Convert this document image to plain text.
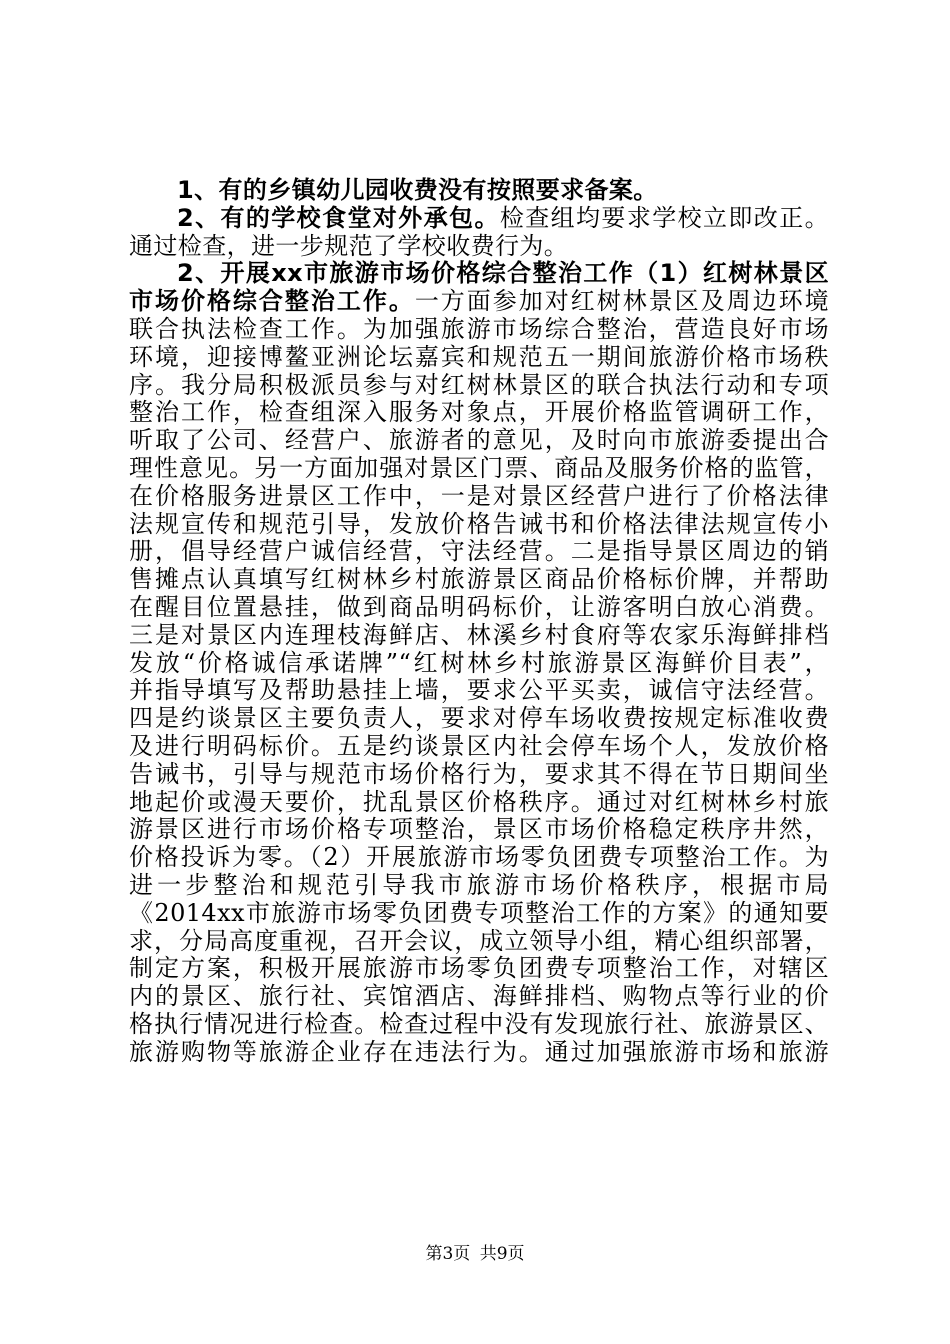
1、有的乡镇幼儿园收费没有按照要求备案。
2、有的学校食堂对外承包。检查组均要求学校立即改正。
通过检查，进一步规范了学校收费行为。
2、开展xx市旅游市场价格综合整治工作（1）红树林景区
市场价格综合整治工作。一方面参加对红树林景区及周边环境
联合执法检查工作。为加强旅游市场综合整治，营造良好市场
环境，迎接博鳌亚洲论坛嘉宾和规范五一期间旅游价格市场秩
序。我分局积极派员参与对红树林景区的联合执法行动和专项
整治工作，检查组深入服务对象点，开展价格监管调研工作，
听取了公司、经营户、旅游者的意见，及时向市旅游委提出合
理性意见。另一方面加强对景区门票、商品及服务价格的监管，
在价格服务进景区工作中，一是对景区经营户进行了价格法律
法规宣传和规范引导，发放价格告诫书和价格法律法规宣传小
册，倡导经营户诚信经营，守法经营。二是指导景区周边的销
售摊点认真填写红树林乡村旅游景区商品价格标价牌，并帮助
在醒目位置悬挂，做到商品明码标价，让游客明白放心消费。
三是对景区内连理枝海鲜店、林溪乡村食府等农家乐海鲜排档
发放“价格诚信承诺牌”“红树林乡村旅游景区海鲜价目表”，
并指导填写及帮助悬挂上墙，要求公平买卖，诚信守法经营。
四是约谈景区主要负责人，要求对停车场收费按规定标准收费
及进行明码标价。五是约谈景区内社会停车场个人，发放价格
告诫书，引导与规范市场价格行为，要求其不得在节日期间坐
地起价或漫天要价，扰乱景区价格秩序。通过对红树林乡村旅
游景区进行市场价格专项整治，景区市场价格稳定秩序井然，
价格投诉为零。（2）开展旅游市场零负团费专项整治工作。为
进一步整治和规范引导我市旅游市场价格秩序，根据市局
《2014xx市旅游市场零负团费专项整治工作的方案》的通知要
求，分局高度重视，召开会议，成立领导小组，精心组织部署，
制定方案，积极开展旅游市场零负团费专项整治工作，对辖区
内的景区、旅行社、宾馆酒店、海鲜排档、购物点等行业的价
格执行情况进行检查。检查过程中没有发现旅行社、旅游景区、
旅游购物等旅游企业存在违法行为。通过加强旅游市场和旅游
第3页 共9页
